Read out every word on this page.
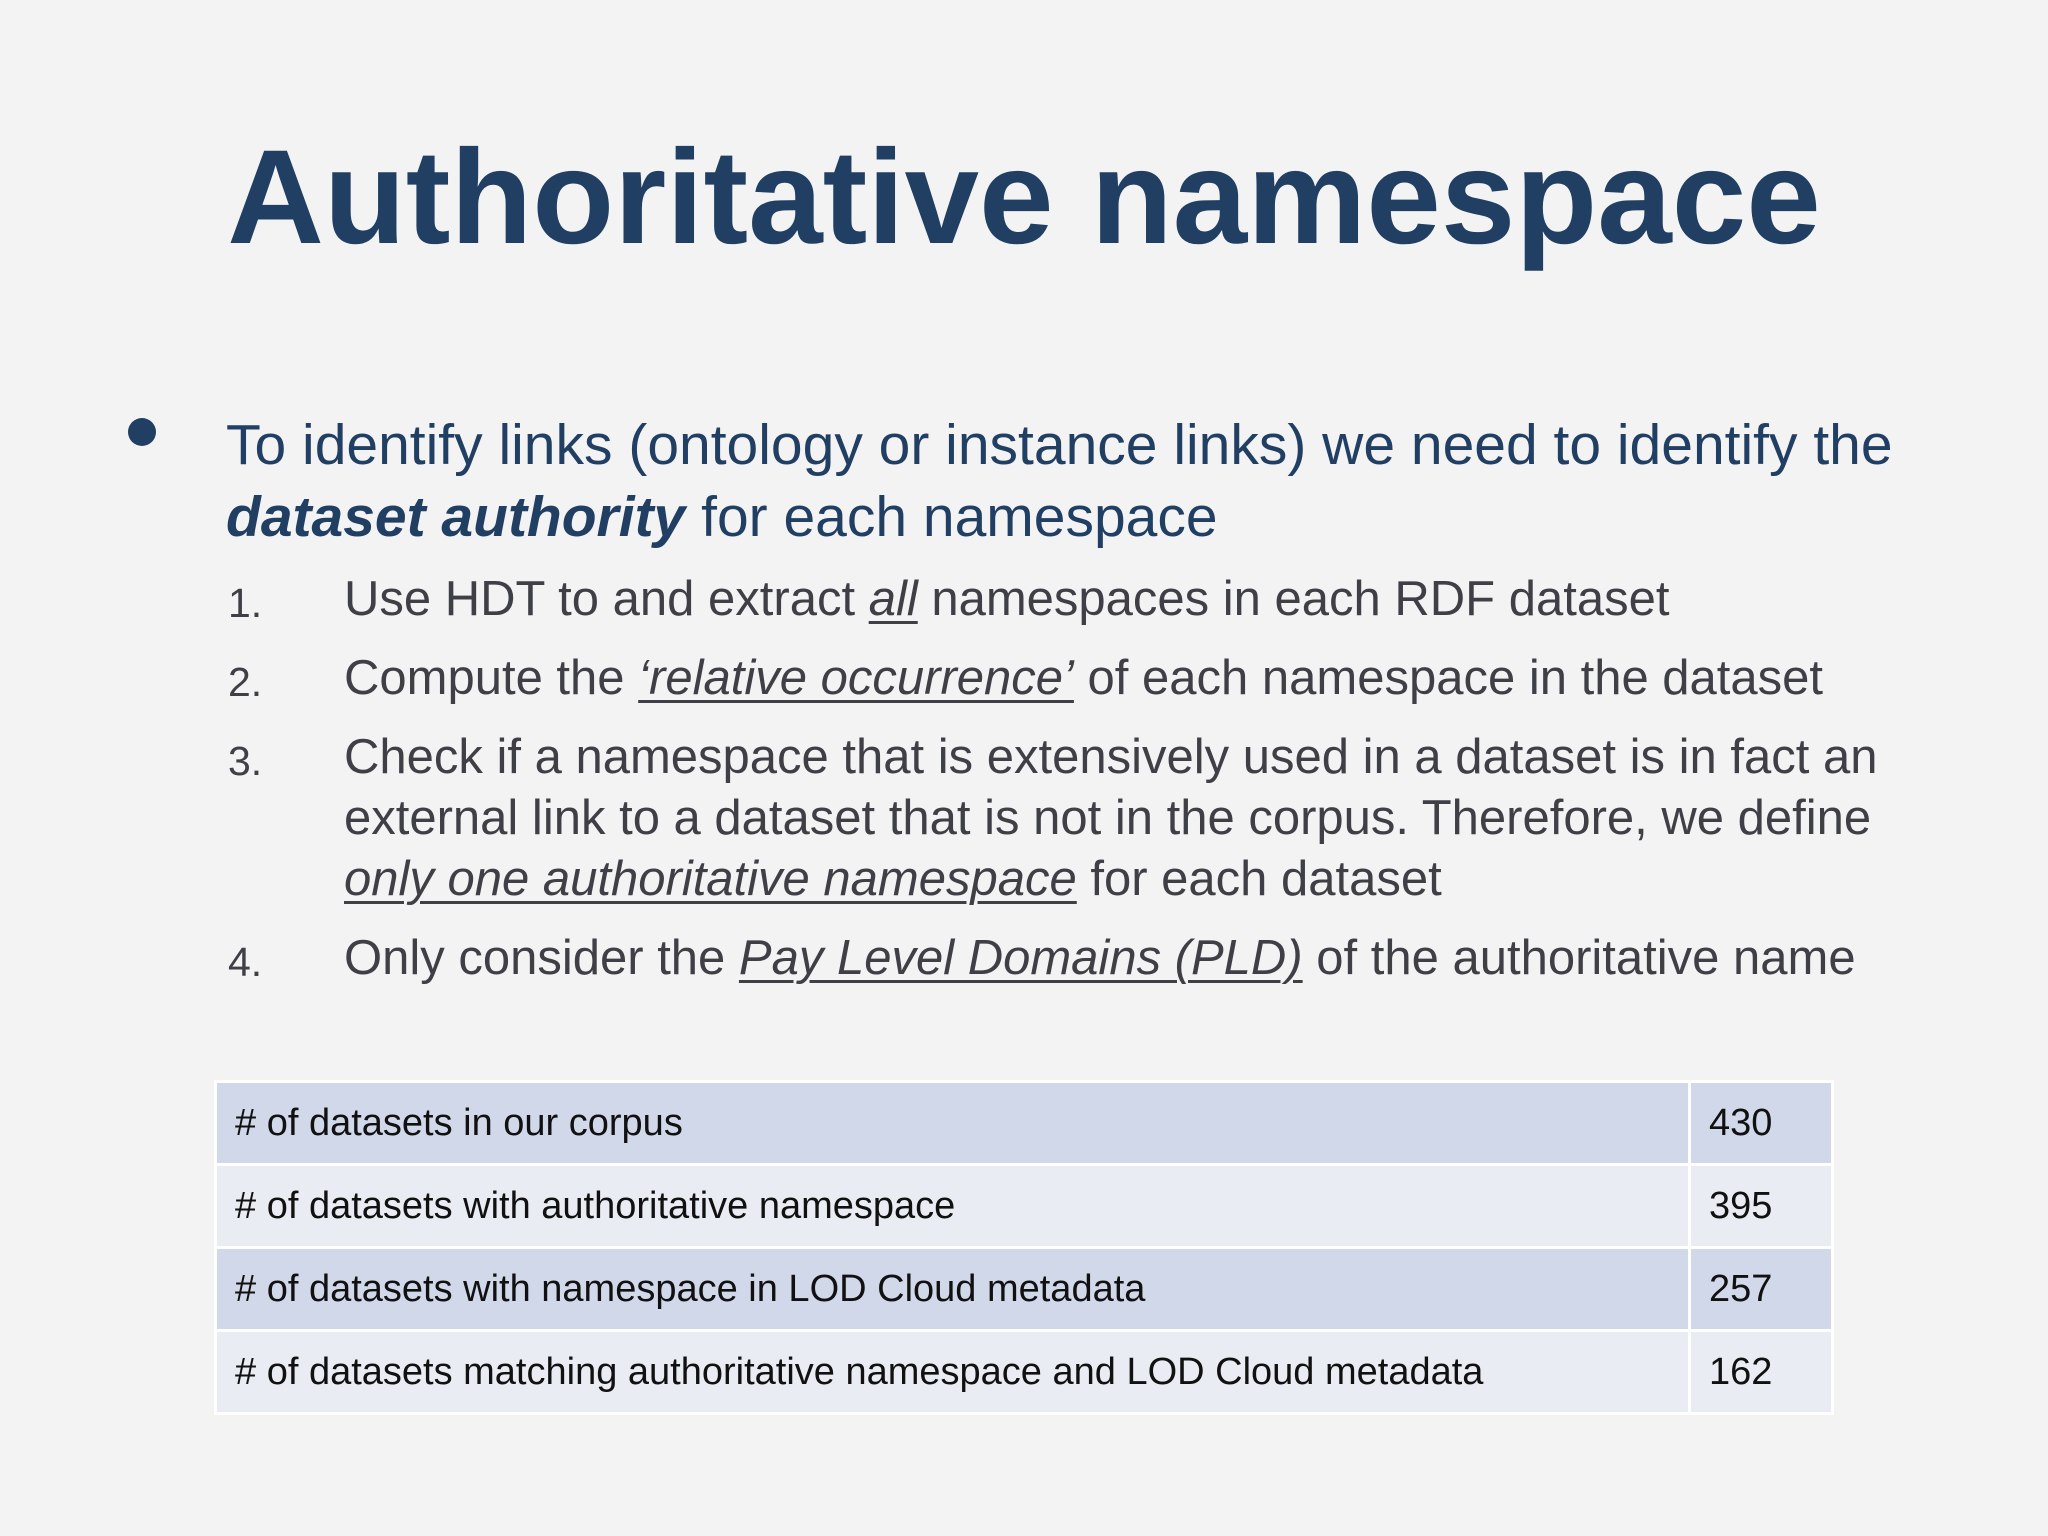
Authoritative namespace

To identify links (ontology or instance links) we need to identify the dataset authority for each namespace

1. Use HDT to and extract all namespaces in each RDF dataset
2. Compute the ‘relative occurrence’ of each namespace in the dataset
3. Check if a namespace that is extensively used in a dataset is in fact an external link to a dataset that is not in the corpus. Therefore, we define only one authoritative namespace for each dataset
4. Only consider the Pay Level Domains (PLD) of the authoritative name
# of datasets in our corpus	430
# of datasets with authoritative namespace	395
# of datasets with namespace in LOD Cloud metadata	257
# of datasets matching authoritative namespace and LOD Cloud metadata	162
